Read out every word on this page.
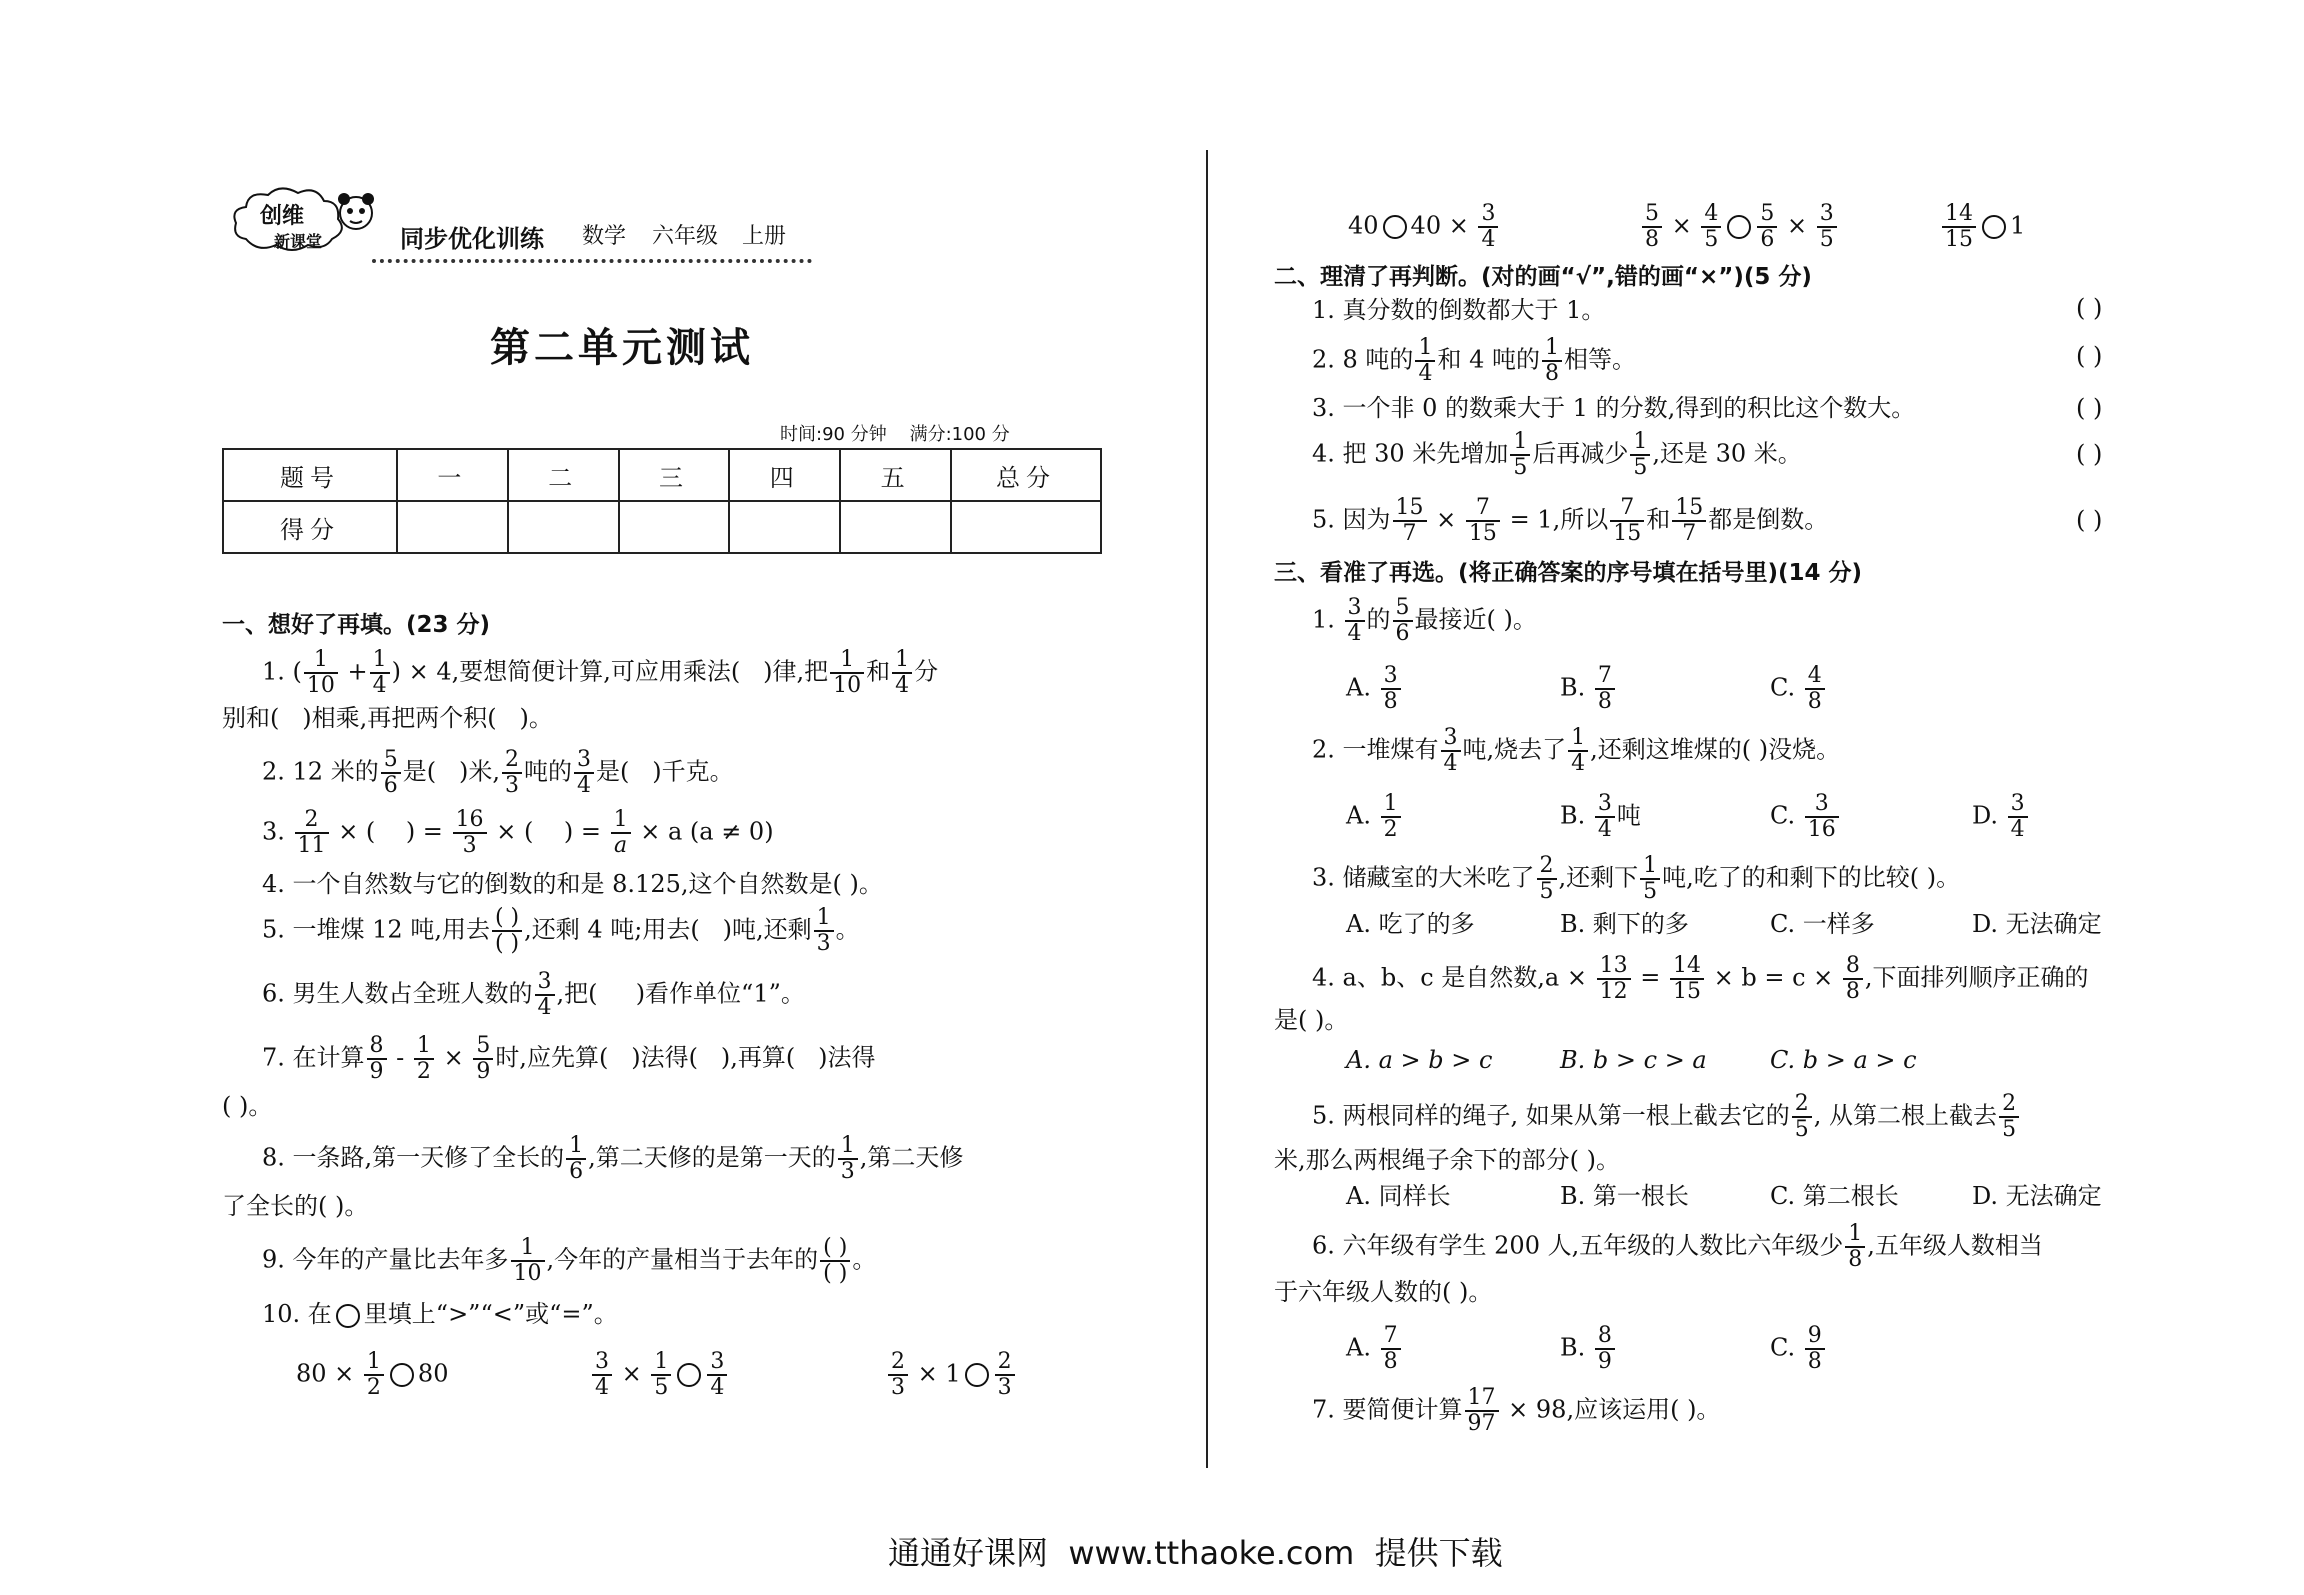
创维
新课堂	同步优化训练 数学 六年级 上册
第二单元测试
时间:90 分钟 满分:100 分
题号	一	二	三	四	五	总分
得分						
一、想好了再填。(23 分)
1. ( $\frac{1}{10} + \frac{1}{4}$ ) × 4,要想简便计算,可应用乘法( )律,把 $\frac{1}{10}$ 和 $\frac{1}{4}$ 分
别和( )相乘,再把两个积( )。
2. 12 米的 $\frac{5}{6}$ 是( )米, $\frac{2}{3}$ 吨的 $\frac{3}{4}$ 是( )千克。
3. $\frac{2}{11}$ × ( ) = $\frac{16}{3}$ × ( ) = $\frac{1}{a} \times a$ (a ≠ 0)
4. 一个自然数与它的倒数的和是 8.125,这个自然数是( )。
5. 一堆煤 12 吨,用去 $\frac{( )}{( )}$ ,还剩 4 吨;用去( )吨,还剩 $\frac{1}{3}$ 。
6. 男生人数占全班人数的 $\frac{3}{4}$ ,把( )看作单位“1”。
7. 在计算 $\frac{8}{9} - \frac{1}{2} \times \frac{5}{9}$ 时,应先算( )法得( ),再算( )法得
( )。
8. 一条路,第一天修了全长的 $\frac{1}{6}$ ,第二天修的是第一天的 $\frac{1}{3}$ ,第二天修
了全长的( )。
9. 今年的产量比去年多 $\frac{1}{10}$ ,今年的产量相当于去年的 $\frac{( )}{( )}$ 。
10. 在 里填上“>”“<”或“=”。
$80 \times \frac{1}{2} 80$	$\frac{3}{4} \times \frac{1}{5} \frac{3}{4}$	$\frac{2}{3} \times 1 \frac{2}{3}$
40 $40 \times \frac{3}{4}$	$\frac{5}{8} \times \frac{4}{5} \frac{5}{6} \times \frac{3}{5}$	$\frac{14}{15} 1$
二、理清了再判断。(对的画“√”,错的画“×”)(5 分)
1. 真分数的倒数都大于 1。	( )
2. 8 吨的 $\frac{1}{4}$ 和 4 吨的 $\frac{1}{8}$ 相等。	( )
3. 一个非 0 的数乘大于 1 的分数,得到的积比这个数大。	( )
4. 把 30 米先增加 $\frac{1}{5}$ 后再减少 $\frac{1}{5}$ ,还是 30 米。	( )
5. 因为 $\frac{15}{7} \times \frac{7}{15} = 1$,所以 $\frac{7}{15}$ 和 $\frac{15}{7}$ 都是倒数。	( )
三、看准了再选。(将正确答案的序号填在括号里)(14 分)
1. $\frac{3}{4}$ 的 $\frac{5}{6}$ 最接近( )。
A. $\frac{3}{8}$	B. $\frac{7}{8}$	C. $\frac{4}{8}$
2. 一堆煤有 $\frac{3}{4}$ 吨,烧去了 $\frac{1}{4}$ ,还剩这堆煤的( )没烧。
A. $\frac{1}{2}$	B. $\frac{3}{4}$ 吨	C. $\frac{3}{16}$	D. $\frac{3}{4}$
3. 储藏室的大米吃了 $\frac{2}{5}$ ,还剩下 $\frac{1}{5}$ 吨,吃了的和剩下的比较( )。
A. 吃了的多	B. 剩下的多	C. 一样多	D. 无法确定
4. a、b、c 是自然数$,a \times \frac{13}{12} = \frac{14}{15} \times b = c \times \frac{8}{8}$ ,下面排列顺序正确的
是( )。
A. a > b > c	B. b > c > a	C. b > a > c
5. 两根同样的绳子, 如果从第一根上截去它的 $\frac{2}{5}$ , 从第二根上截去 $\frac{2}{5}$
米,那么两根绳子余下的部分( )。
A. 同样长	B. 第一根长	C. 第二根长	D. 无法确定
6. 六年级有学生 200 人,五年级的人数比六年级少 $\frac{1}{8}$ ,五年级人数相当
于六年级人数的( )。
A. $\frac{7}{8}$	B. $\frac{8}{9}$	C. $\frac{9}{8}$
7. 要简便计算 $\frac{17}{97} \times 98$,应该运用( )。
通通好课网  www.tthaoke.com  提供下载
